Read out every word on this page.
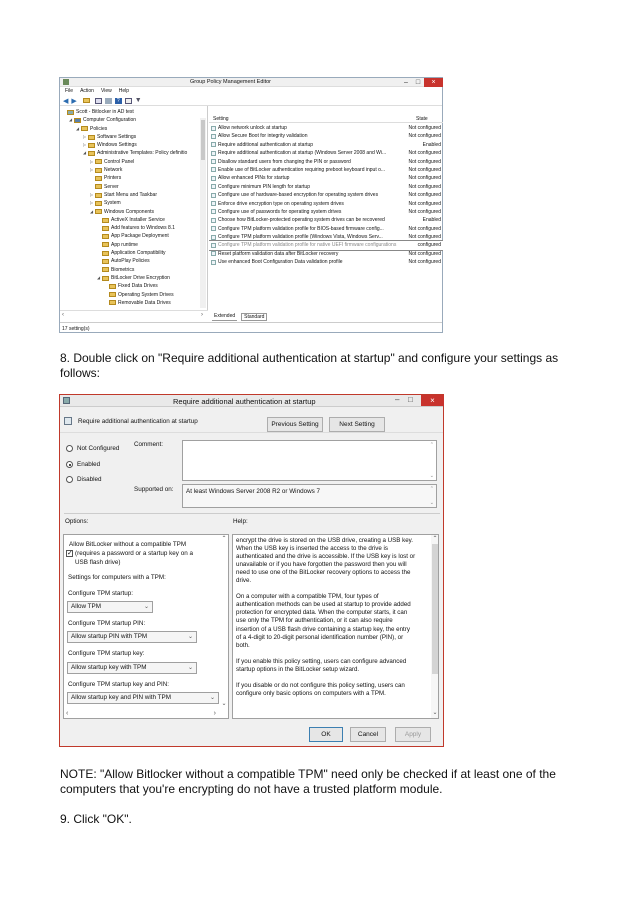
Group Policy Management Editor	–	□	×
File Action View Help
◀ ▶	?	▼
Scott - Bitlocker in AD test
◢	Computer Configuration
◢	Policies
▷	Software Settings
▷	Windows Settings
◢	Administrative Templates: Policy definitio
▷	Control Panel
▷	Network
Printers
Server
▷	Start Menu and Taskbar
▷	System
◢	Windows Components
ActiveX Installer Service
Add features to Windows 8.1
App Package Deployment
App runtime
Application Compatibility
AutoPlay Policies
Biometrics
◢	BitLocker Drive Encryption
Fixed Data Drives
Operating System Drives
Removable Data Drives
‹	›
Setting	State
Allow network unlock at startup	Not configured
Allow Secure Boot for integrity validation	Not configured
Require additional authentication at startup	Enabled
Require additional authentication at startup (Windows Server 2008 and Wi...	Not configured
Disallow standard users from changing the PIN or password	Not configured
Enable use of BitLocker authentication requiring preboot keyboard input o...	Not configured
Allow enhanced PINs for startup	Not configured
Configure minimum PIN length for startup	Not configured
Configure use of hardware-based encryption for operating system drives	Not configured
Enforce drive encryption type on operating system drives	Not configured
Configure use of passwords for operating system drives	Not configured
Choose how BitLocker-protected operating system drives can be recovered	Enabled
Configure TPM platform validation profile for BIOS-based firmware config...	Not configured
Configure TPM platform validation profile (Windows Vista, Windows Serv...	Not configured
Configure TPM platform validation profile for native UEFI firmware configurations	configured
Reset platform validation data after BitLocker recovery	Not configured
Use enhanced Boot Configuration Data validation profile	Not configured
Extended	Standard
17 setting(s)
8. Double click on "Require additional authentication at startup" and configure your settings as follows:
Require additional authentication at startup	– □	×
Require additional authentication at startup	Previous Setting	Next Setting
Not Configured
Enabled
Disabled
Comment:	⌃
⌄
Supported on: At least Windows Server 2008 R2 or Windows 7	⌃
⌄
Options:	Help:
Allow BitLocker without a compatible TPM
✓ (requires a password or a startup key on a
USB flash drive)
Settings for computers with a TPM:
Configure TPM startup:
Allow TPM	⌄
Configure TPM startup PIN:
Allow startup PIN with TPM	⌄
Configure TPM startup key:
Allow startup key with TPM	⌄
Configure TPM startup key and PIN:
Allow startup key and PIN with TPM	⌄
‹	›
⌃
⌄
encrypt the drive is stored on the USB drive, creating a USB key.
When the USB key is inserted the access to the drive is
authenticated and the drive is accessible. If the USB key is lost or
unavailable or if you have forgotten the password then you will
need to use one of the BitLocker recovery options to access the
drive.
On a computer with a compatible TPM, four types of
authentication methods can be used at startup to provide added
protection for encrypted data. When the computer starts, it can
use only the TPM for authentication, or it can also require
insertion of a USB flash drive containing a startup key, the entry
of a 4-digit to 20-digit personal identification number (PIN), or
both.
If you enable this policy setting, users can configure advanced
startup options in the BitLocker setup wizard.
If you disable or do not configure this policy setting, users can
configure only basic options on computers with a TPM.
⌃
⌄
OK	Cancel	Apply
NOTE: "Allow Bitlocker without a compatible TPM" need only be checked if at least one of the computers that you're encrypting do not have a trusted platform module.
9. Click "OK".
